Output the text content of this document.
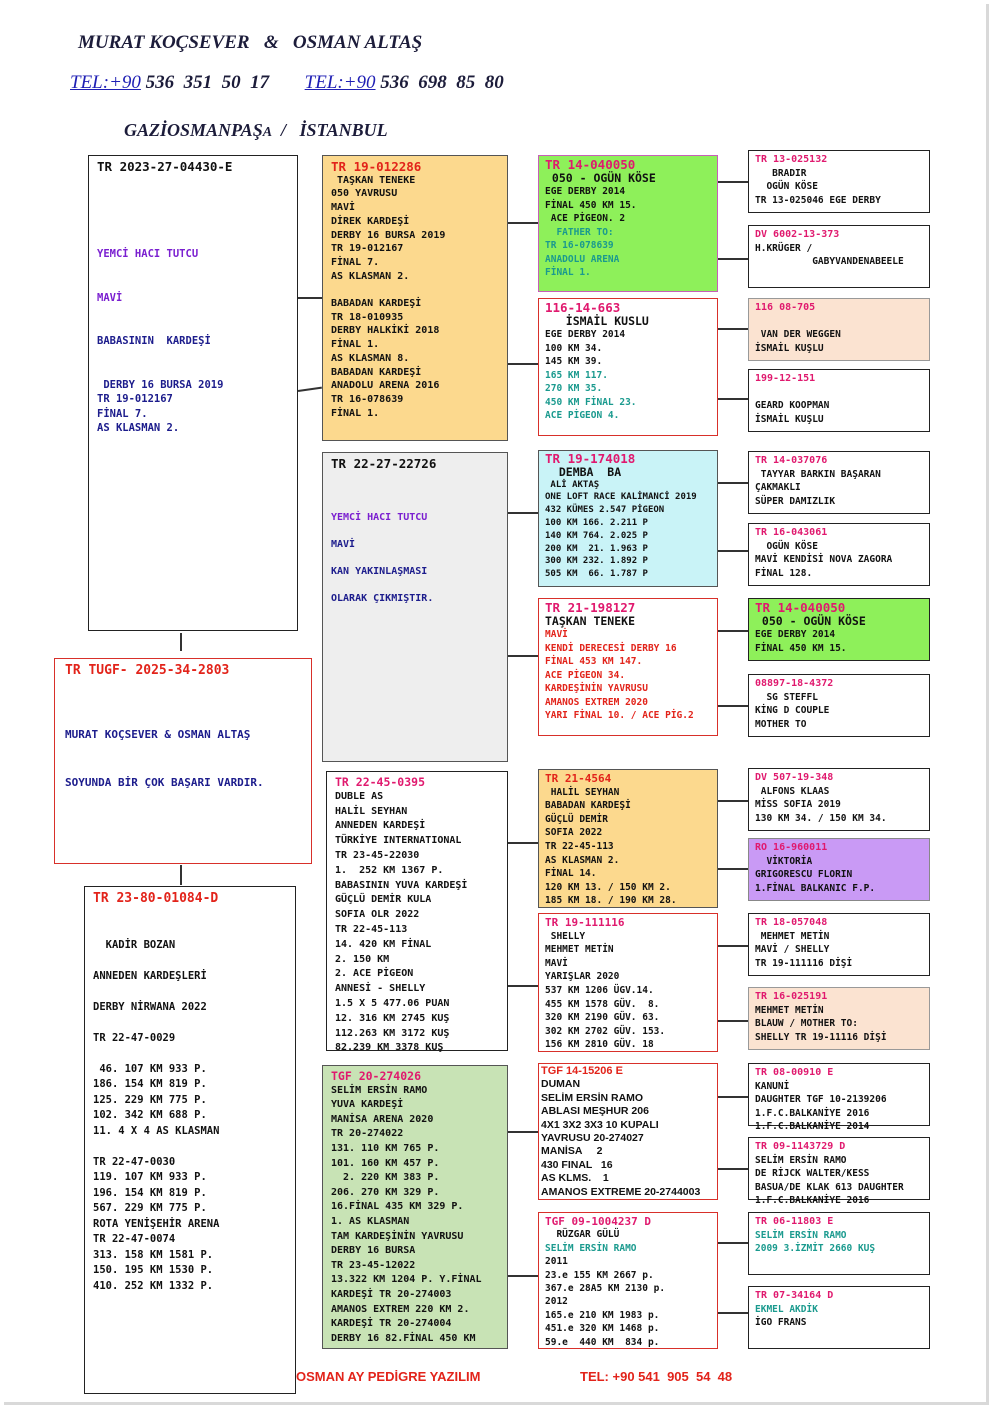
MURAT KOÇSEVER   &   OSMAN ALTAŞ
TEL:+90 536  351  50  17 TEL:+90 536  698  85  80
GAZİOSMANPAŞA  /   İSTANBUL
TR 2023-27-04430-E

YEMCİ HACI TUTCU

MAVİ

BABASININ  KARDEŞİ

DERBY 16 BURSA 2019
TR 19-012167
FİNAL 7.
AS KLASMAN 2.
TR TUGF- 2025-34-2803

MURAT KOÇSEVER & OSMAN ALTAŞ

SOYUNDA BİR ÇOK BAŞARI VARDIR.
TR 23-80-01084-D

KADİR BOZAN

ANNEDEN KARDEŞLERİ

DERBY NİRWANA 2022

TR 22-47-0029

46. 107 KM 933 P.
186. 154 KM 819 P.
125. 229 KM 775 P.
102. 342 KM 688 P.
11. 4 X 4 AS KLASMAN

TR 22-47-0030
119. 107 KM 933 P.
196. 154 KM 819 P.
567. 229 KM 775 P.
ROTA YENİŞEHİR ARENA
TR 22-47-0074
313. 158 KM 1581 P.
150. 195 KM 1530 P.
410. 252 KM 1332 P.
TR 19-012286
TAŞKAN TENEKE
050 YAVRUSU
MAVİ
DİREK KARDEŞİ
DERBY 16 BURSA 2019
TR 19-012167
FİNAL 7.
AS KLASMAN 2.

BABADAN KARDEŞİ
TR 18-010935
DERBY HALKİKİ 2018
FİNAL 1.
AS KLASMAN 8.
BABADAN KARDEŞİ
ANADOLU ARENA 2016
TR 16-078639
FİNAL 1.
TR 22-27-22726

YEMCİ HACI TUTCU

MAVİ

KAN YAKINLAŞMASI

OLARAK ÇIKMIŞTIR.
TR 22-45-0395
DUBLE AS
HALİL SEYHAN
ANNEDEN KARDEŞİ
TÜRKİYE INTERNATIONAL
TR 23-45-22030
1.  252 KM 1367 P.
BABASININ YUVA KARDEŞİ
GÜÇLÜ DEMİR KULA
SOFIA OLR 2022
TR 22-45-113
14. 420 KM FİNAL
2. 150 KM
2. ACE PİGEON
ANNESİ - SHELLY
1.5 X 5 477.06 PUAN
12. 316 KM 2745 KUŞ
112.263 KM 3172 KUŞ
82.239 KM 3378 KUŞ
TGF 20-274026
SELİM ERSİN RAMO
YUVA KARDEŞİ
MANİSA ARENA 2020
TR 20-274022
131. 110 KM 765 P.
101. 160 KM 457 P.
2. 220 KM 383 P.
206. 270 KM 329 P.
16.FİNAL 435 KM 329 P.
1. AS KLASMAN
TAM KARDEŞİNİN YAVRUSU
DERBY 16 BURSA
TR 23-45-12022
13.322 KM 1204 P. Y.FİNAL
KARDEŞİ TR 20-274003
AMANOS EXTREM 220 KM 2.
KARDEŞİ TR 20-274004
DERBY 16 82.FİNAL 450 KM
TR 14-040050
050 - OGÜN KÖSE
EGE DERBY 2014
FİNAL 450 KM 15.
ACE PİGEON. 2
FATHER TO:
TR 16-078639
ANADOLU ARENA
FİNAL 1.
116-14-663
İSMAİL KUSLU
EGE DERBY 2014
100 KM 34.
145 KM 39.
165 KM 117.
270 KM 35.
450 KM FİNAL 23.
ACE PİGEON 4.
TR 19-174018
DEMBA  BA
ALİ AKTAŞ
ONE LOFT RACE KALİMANCİ 2019
432 KÜMES 2.547 PİGEON
100 KM 166. 2.211 P
140 KM 764. 2.025 P
200 KM  21. 1.963 P
300 KM 232. 1.892 P
505 KM  66. 1.787 P
TR 21-198127
TAŞKAN TENEKE
MAVİ
KENDİ DERECESİ DERBY 16
FİNAL 453 KM 147.
ACE PİGEON 34.
KARDEŞİNİN YAVRUSU
AMANOS EXTREM 2020
YARI FİNAL 10. / ACE PİG.2
TR 21-4564
HALİL SEYHAN
BABADAN KARDEŞİ
GÜÇLÜ DEMİR
SOFIA 2022
TR 22-45-113
AS KLASMAN 2.
FİNAL 14.
120 KM 13. / 150 KM 2.
185 KM 18. / 190 KM 28.
TR 19-111116
SHELLY
MEHMET METİN
MAVİ
YARIŞLAR 2020
537 KM 1206 ÜGV.14.
455 KM 1578 GÜV.  8.
320 KM 2190 GÜV. 63.
302 KM 2702 GÜV. 153.
156 KM 2810 GÜV. 18
TGF 14-15206 E
DUMAN
SELİM ERSİN RAMO
ABLASI MEŞHUR 206
4X1 3X2 3X3 10 KUPALI
YAVRUSU 20-274027
MANİSA     2
430 FINAL   16
AS KLMS.    1
AMANOS EXTREME 20-2744003
TGF 09-1004237 D
RÜZGAR GÜLÜ
SELİM ERSİN RAMO
2011
23.e 155 KM 2667 p.
367.e 28A5 KM 2130 p.
2012
165.e 210 KM 1983 p.
451.e 320 KM 1468 p.
59.e  440 KM  834 p.
TR 13-025132
BRADIR
OGÜN KÖSE
TR 13-025046 EGE DERBY
DV 6002-13-373
H.KRÜGER /
GABYVANDENABEELE
116 08-705

VAN DER WEGGEN
İSMAİL KUŞLU
199-12-151

GEARD KOOPMAN
İSMAİL KUŞLU
TR 14-037076
TAYYAR BARKIN BAŞARAN
ÇAKMAKLI
SÜPER DAMIZLIK
TR 16-043061
OGÜN KÖSE
MAVİ KENDİSİ NOVA ZAGORA
FİNAL 128.
TR 14-040050
050 - OGÜN KÖSE
EGE DERBY 2014
FİNAL 450 KM 15.
08897-18-4372
SG STEFFL
KİNG D COUPLE
MOTHER TO
DV 507-19-348
ALFONS KLAAS
MİSS SOFIA 2019
130 KM 34. / 150 KM 34.
RO 16-960011
VİKTORİA
GRIGORESCU FLORIN
1.FİNAL BALKANIC F.P.
TR 18-057048
MEHMET METİN
MAVİ / SHELLY
TR 19-111116 DİŞİ
TR 16-025191
MEHMET METİN
BLAUW / MOTHER TO:
SHELLY TR 19-11116 DİŞİ
TR 08-00910 E
KANUNİ
DAUGHTER TGF 10-2139206
1.F.C.BALKANİYE 2016
1.F.C.BALKANİYE 2014
TR 09-1143729 D
SELİM ERSİN RAMO
DE RİJCK WALTER/KESS
BASUA/DE KLAK 613 DAUGHTER
1.F.C.BALKANİYE 2016
TR 06-11803 E
SELİM ERSİN RAMO
2009 3.İZMİT 2660 KUŞ
TR 07-34164 D
EKMEL AKDİK
İGO FRANS
OSMAN AY PEDİGRE YAZILIM	TEL: +90 541  905  54  48
